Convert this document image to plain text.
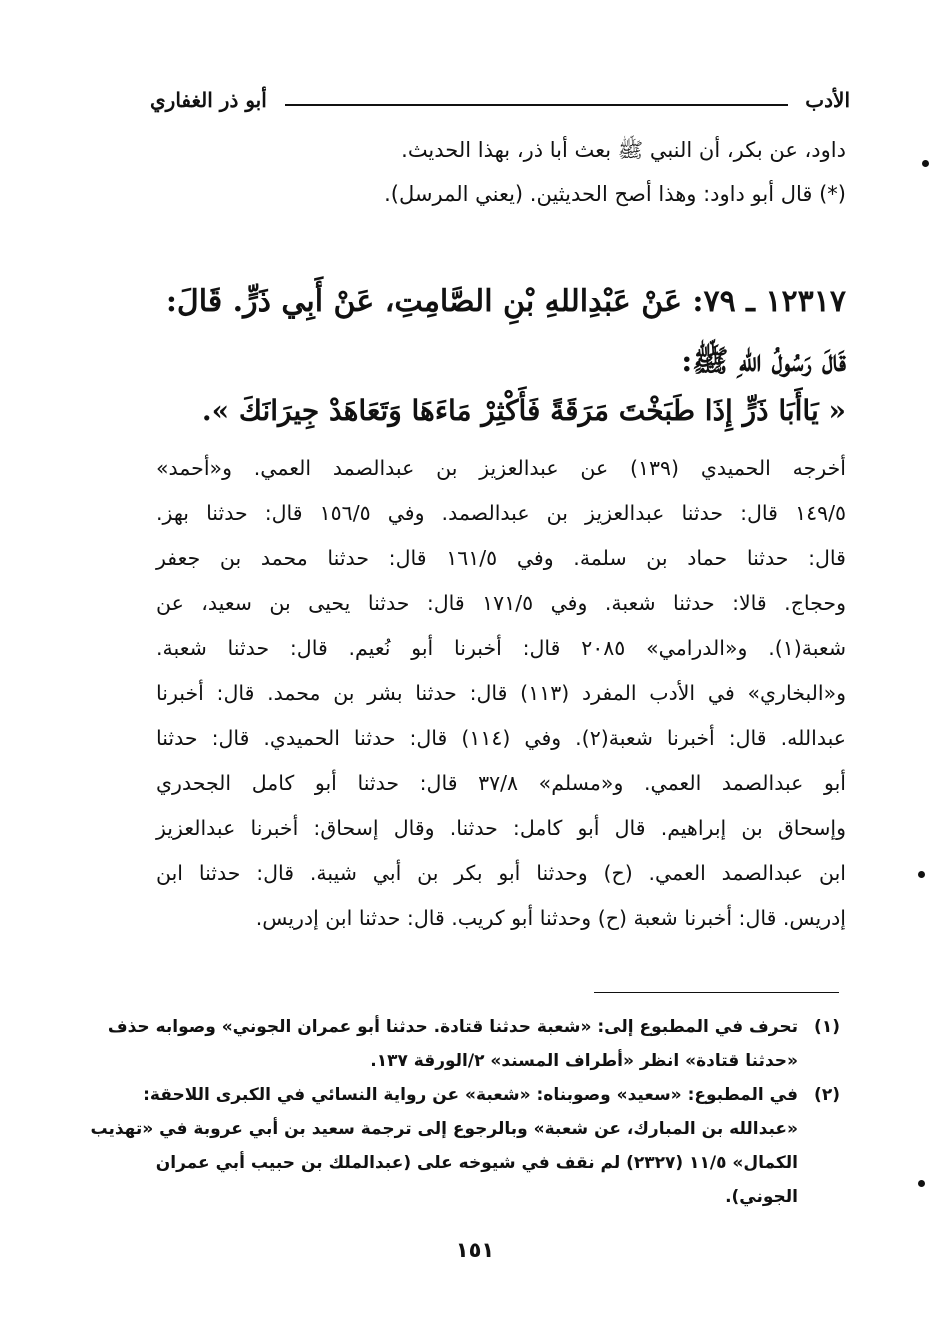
الأدب
أبو ذر الغفاري
داود، عن بكر، أن النبي ﷺ بعث أبا ذر، بهذا الحديث.
(*) قال أبو داود: وهذا أصح الحديثين. (يعني المرسل).
١٢٣١٧ ـ ٧٩: عَنْ عَبْدِاللهِ بْنِ الصَّامِتِ، عَنْ أَبِي ذَرٍّ. قَالَ:
قَالَ رَسُولُ اللهِ ﷺ:
« يَاأَبَا ذَرٍّ إِذَا طَبَخْتَ مَرَقَةً فَأَكْثِرْ مَاءَهَا وَتَعَاهَدْ جِيرَانَكَ ».
أخرجه الحميدي (١٣٩) عن عبدالعزيز بن عبدالصمد العمي. و«أحمد»
١٤٩/٥ قال: حدثنا عبدالعزيز بن عبدالصمد. وفي ١٥٦/٥ قال: حدثنا بهز.
قال: حدثنا حماد بن سلمة. وفي ١٦١/٥ قال: حدثنا محمد بن جعفر
وحجاج. قالا: حدثنا شعبة. وفي ١٧١/٥ قال: حدثنا يحيى بن سعيد، عن
شعبة(١). و«الدرامي» ٢٠٨٥ قال: أخبرنا أبو نُعيم. قال: حدثنا شعبة.
و«البخاري» في الأدب المفرد (١١٣) قال: حدثنا بشر بن محمد. قال: أخبرنا
عبدالله. قال: أخبرنا شعبة(٢). وفي (١١٤) قال: حدثنا الحميدي. قال: حدثنا
أبو عبدالصمد العمي. و«مسلم» ٣٧/٨ قال: حدثنا أبو كامل الجحدري
وإسحاق بن إبراهيم. قال أبو كامل: حدثنا. وقال إسحاق: أخبرنا عبدالعزيز
ابن عبدالصمد العمي. (ح) وحدثنا أبو بكر بن أبي شيبة. قال: حدثنا ابن
إدريس. قال: أخبرنا شعبة (ح) وحدثنا أبو كريب. قال: حدثنا ابن إدريس.
(١)تحرف في المطبوع إلى: «شعبة حدثنا قتادة. حدثنا أبو عمران الجوني» وصوابه حذف
«حدثنا قتادة» انظر «أطراف المسند» ٢/الورقة ١٣٧.
(٢)في المطبوع: «سعيد» وصوبناه: «شعبة» عن رواية النسائي في الكبرى اللاحقة:
«عبدالله بن المبارك، عن شعبة» وبالرجوع إلى ترجمة سعيد بن أبي عروبة في «تهذيب
الكمال» ١١/٥ (٢٣٢٧) لم نقف في شيوخه على (عبدالملك بن حبيب أبي عمران
الجوني).
١٥١
